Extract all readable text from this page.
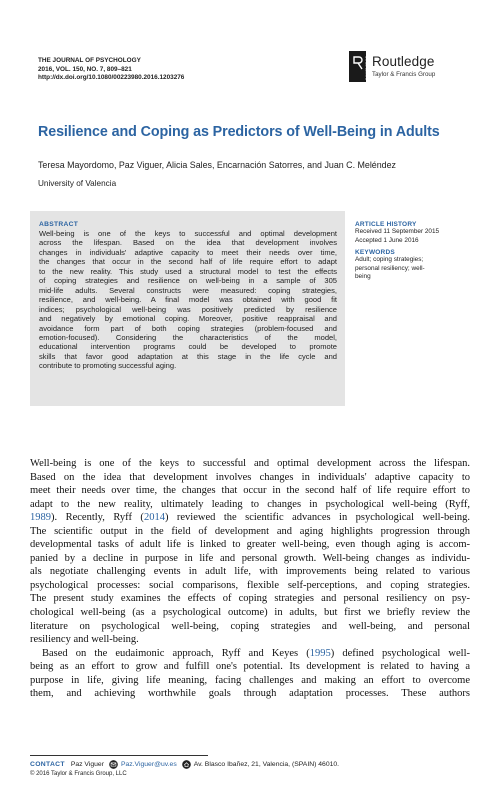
THE JOURNAL OF PSYCHOLOGY
2016, VOL. 150, NO. 7, 809–821
http://dx.doi.org/10.1080/00223980.2016.1203276	ROUTLEDGE Routledge
Taylor & Francis Group
Resilience and Coping as Predictors of Well-Being in Adults
Teresa Mayordomo, Paz Viguer, Alicia Sales, Encarnación Satorres, and Juan C. Meléndez
University of Valencia
ABSTRACT
Well-being is one of the keys to successful and optimal development
across the lifespan. Based on the idea that development involves
changes in individuals' adaptive capacity to meet their needs over time,
the changes that occur in the second half of life require effort to adapt
to the new reality. This study used a structural model to test the effects
of coping strategies and resilience on well-being in a sample of 305
mid-life adults. Several constructs were measured: coping strategies,
resilience, and well-being. A final model was obtained with good fit
indices; psychological well-being was positively predicted by resilience
and negatively by emotional coping. Moreover, positive reappraisal and
avoidance form part of both coping strategies (problem-focused and
emotion-focused). Considering the characteristics of the model,
educational intervention programs could be developed to promote
skills that favor good adaptation at this stage in the life cycle and
contribute to promoting successful aging.
ARTICLE HISTORY
Received 11 September 2015
Accepted 1 June 2016
KEYWORDS
Adult; coping strategies;
personal resiliency; well-
being
Well-being is one of the keys to successful and optimal development across the lifespan.
Based on the idea that development involves changes in individuals' adaptive capacity to
meet their needs over time, the changes that occur in the second half of life require effort to
adapt to the new reality, ultimately leading to changes in psychological well-being (Ryff,
1989). Recently, Ryff (2014) reviewed the scientific advances in psychological well-being.
The scientific output in the field of development and aging highlights progression through
developmental tasks of adult life is linked to greater well-being, even though aging is accom-
panied by a decline in purpose in life and personal growth. Well-being changes as individu-
als negotiate challenging events in adult life, with improvements being related to various
psychological processes: social comparisons, flexible self-perceptions, and coping strategies.
The present study examines the effects of coping strategies and personal resiliency on psy-
chological well-being (as a psychological outcome) in adults, but first we briefly review the
literature on psychological well-being, coping strategies and well-being, and personal
resiliency and well-being.
Based on the eudaimonic approach, Ryff and Keyes (1995) defined psychological well-
being as an effort to grow and fulfill one's potential. Its development is related to having a
purpose in life, giving life meaning, facing challenges and making an effort to overcome
them, and achieving worthwhile goals through adaptation processes. These authors
CONTACT Paz Viguer	Paz.Viguer@uv.es	Av. Blasco Ibañez, 21, Valencia, (SPAIN) 46010.
© 2016 Taylor & Francis Group, LLC
